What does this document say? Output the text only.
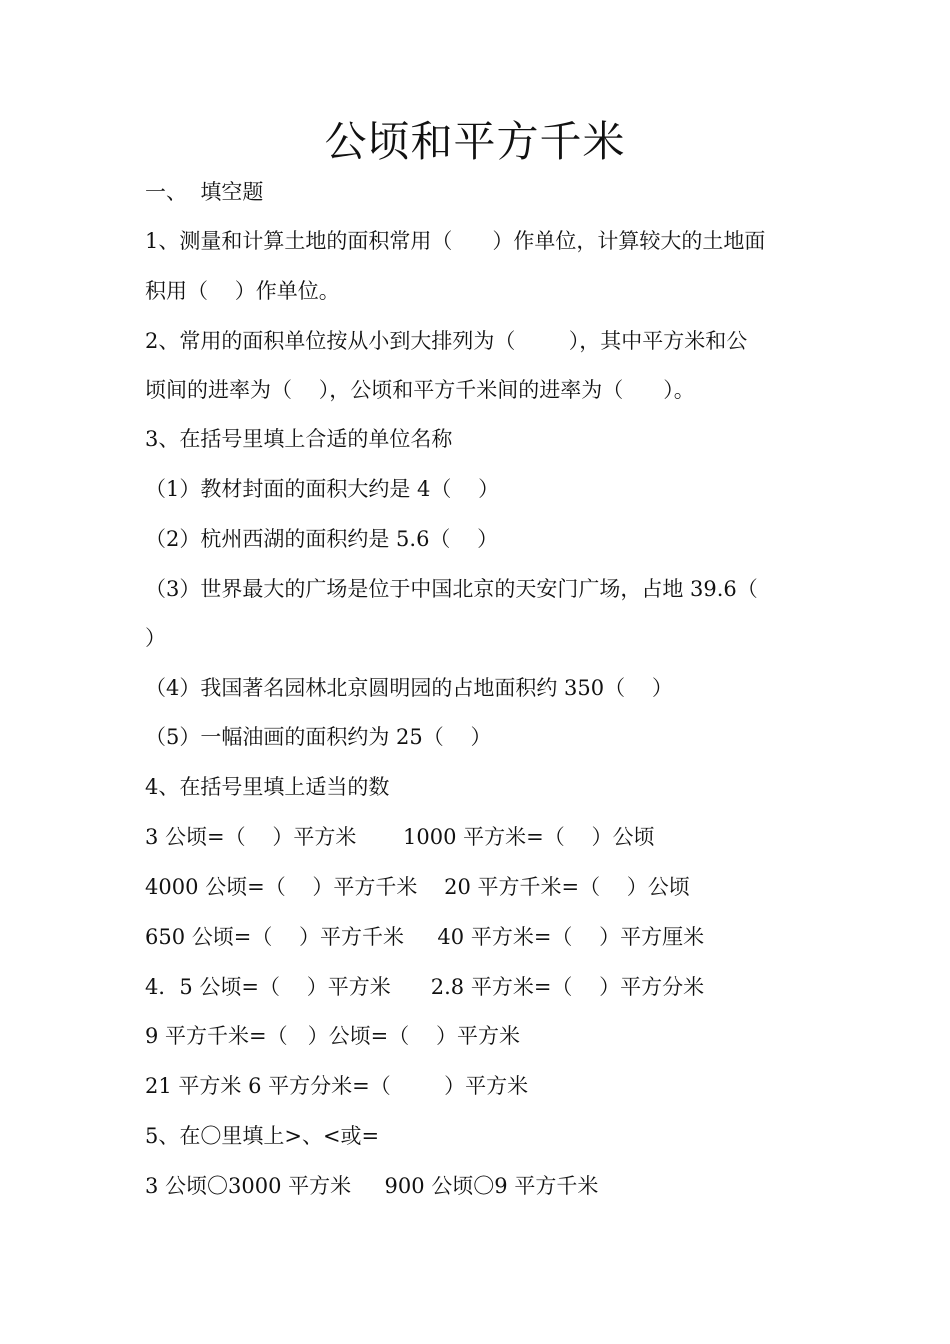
公顷和平方千米
一、  填空题
1、测量和计算土地的面积常用（      ）作单位，计算较大的土地面
积用（    ）作单位。
2、常用的面积单位按从小到大排列为（        ），其中平方米和公
顷间的进率为（    ），公顷和平方千米间的进率为（      ）。
3、在括号里填上合适的单位名称
（1）教材封面的面积大约是 4（    ）
（2）杭州西湖的面积约是 5.6（    ）
（3）世界最大的广场是位于中国北京的天安门广场，占地 39.6（
）
（4）我国著名园林北京圆明园的占地面积约 350（    ）
（5）一幅油画的面积约为 25（    ）
4、在括号里填上适当的数
3 公顷=（    ）平方米       1000 平方米=（    ）公顷
4000 公顷=（    ）平方千米    20 平方千米=（    ）公顷
650 公顷=（    ）平方千米     40 平方米=（    ）平方厘米
4．5 公顷=（    ）平方米      2.8 平方米=（    ）平方分米
9 平方千米=（   ）公顷=（    ）平方米
21 平方米 6 平方分米=（        ）平方米
5、在〇里填上>、<或=
3 公顷〇3000 平方米     900 公顷〇9 平方千米
